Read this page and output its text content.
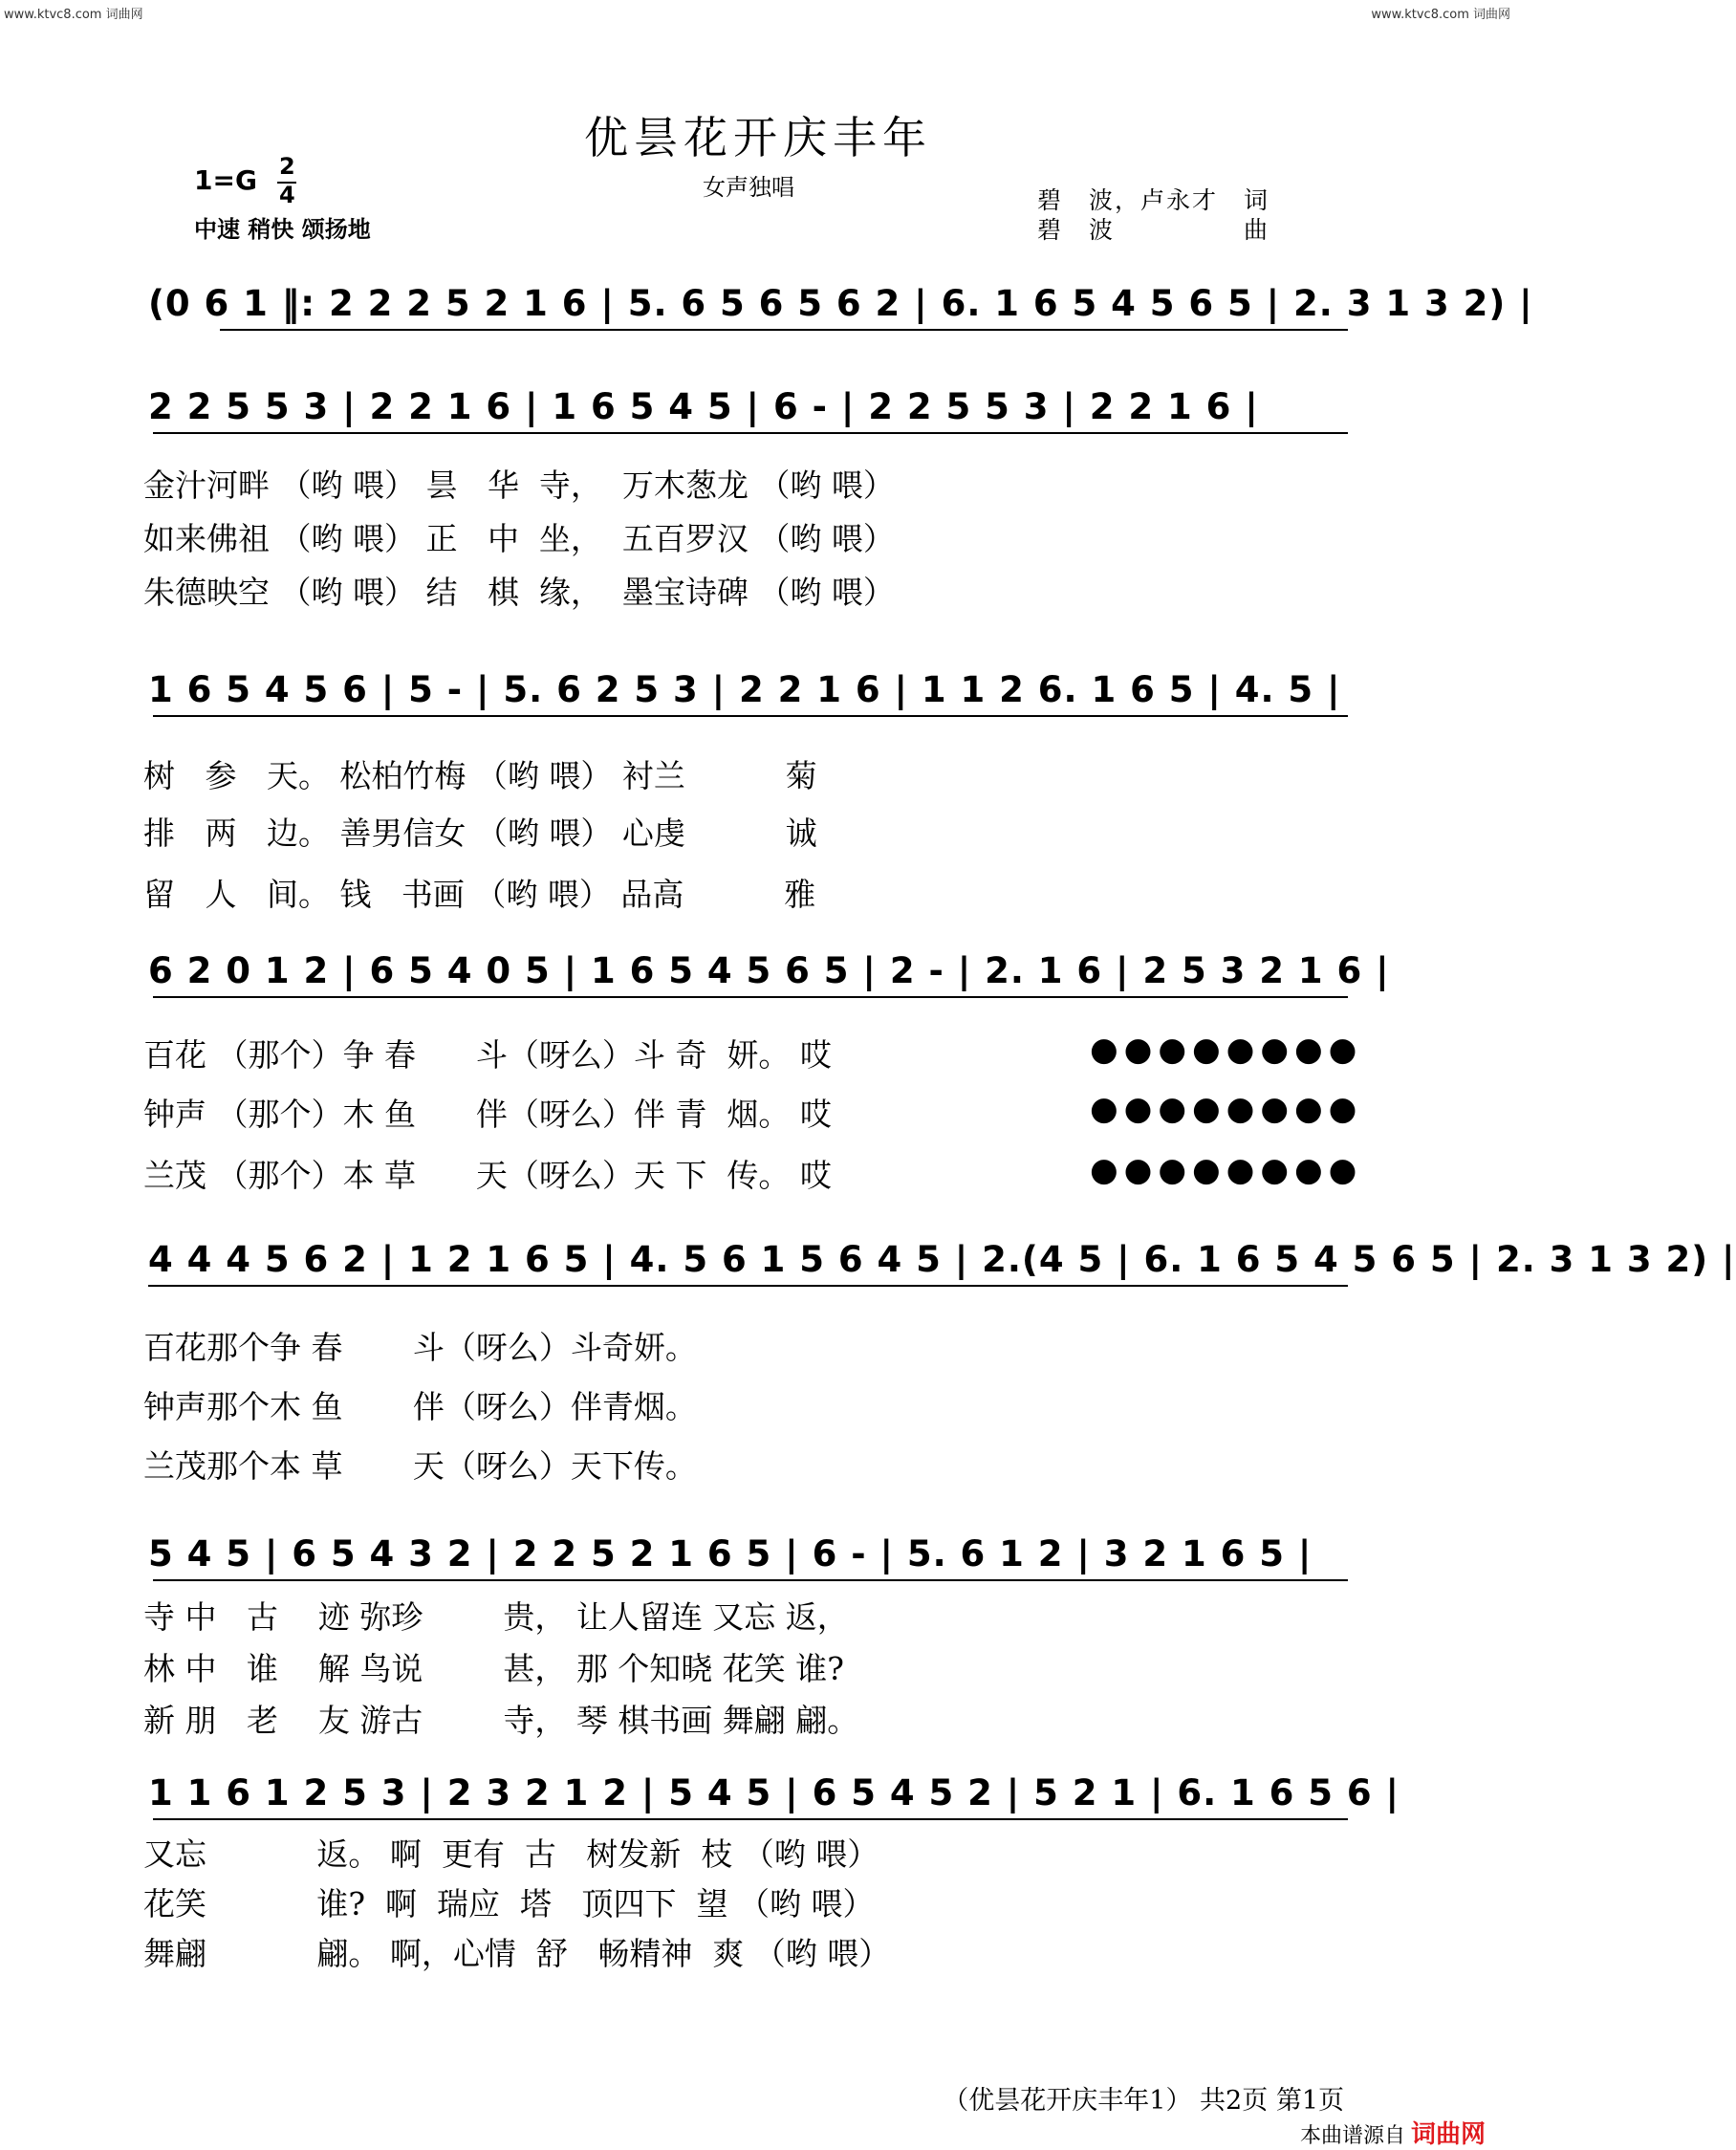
www.ktvc8.com 词曲网	www.ktvc8.com 词曲网
优昙花开庆丰年
女声独唱
1=G 2
4
中速 稍快 颂扬地
碧　波，卢永才　词
碧　波　　　　　曲
(0 6 1 ‖: 2 2 2 5 2 1 6 | 5. 6 5 6 5 6 2 | 6. 1 6 5 4 5 6 5 | 2. 3 1 3 2) |
2 2 5 5 3 | 2 2 1 6 | 1 6 5 4 5 | 6 - | 2 2 5 5 3 | 2 2 1 6 |
金汁河畔 （哟 喂） 昙   华  寺，  万木葱龙 （哟 喂）
如来佛祖 （哟 喂） 正   中  坐，  五百罗汉 （哟 喂）
朱德映空 （哟 喂） 结   棋  缘，  墨宝诗碑 （哟 喂）
1 6 5 4 5 6 | 5 - | 5. 6 2 5 3 | 2 2 1 6 | 1 1 2 6. 1 6 5 | 4. 5 |
树   参   天。 松柏竹梅 （哟 喂） 衬兰          菊
排   两   边。 善男信女 （哟 喂） 心虔          诚
留   人   间。 钱   书画 （哟 喂） 品高          雅
6 2 0 1 2 | 6 5 4 0 5 | 1 6 5 4 5 6 5 | 2 - | 2. 1 6 | 2 5 3 2 1 6 |
百花 （那个）争 春      斗（呀么）斗 奇  妍。 哎
钟声 （那个）木 鱼      伴（呀么）伴 青  烟。 哎
兰茂 （那个）本 草      天（呀么）天 下  传。 哎
●●●●●●●●
●●●●●●●●
●●●●●●●●
4 4 4 5 6 2 | 1 2 1 6 5 | 4. 5 6 1 5 6 4 5 | 2.(4 5 | 6. 1 6 5 4 5 6 5 | 2. 3 1 3 2) |
百花那个争 春       斗（呀么）斗奇妍。
钟声那个木 鱼       伴（呀么）伴青烟。
兰茂那个本 草       天（呀么）天下传。
5 4 5 | 6 5 4 3 2 | 2 2 5 2 1 6 5 | 6 - | 5. 6 1 2 | 3 2 1 6 5 |
寺 中   古    迹 弥珍        贵， 让人留连 又忘 返，
林 中   谁    解 鸟说        甚， 那 个知晓 花笑 谁?
新 朋   老    友 游古        寺， 琴 棋书画 舞翩 翩。
1 1 6 1 2 5 3 | 2 3 2 1 2 | 5 4 5 | 6 5 4 5 2 | 5 2 1 | 6. 1 6 5 6 |
又忘           返。 啊  更有  古   树发新  枝 （哟 喂）
花笑           谁?  啊  瑞应  塔   顶四下  望 （哟 喂）
舞翩           翩。 啊，心情  舒   畅精神  爽 （哟 喂）
（优昙花开庆丰年1） 共2页 第1页
本曲谱源自 词曲网
